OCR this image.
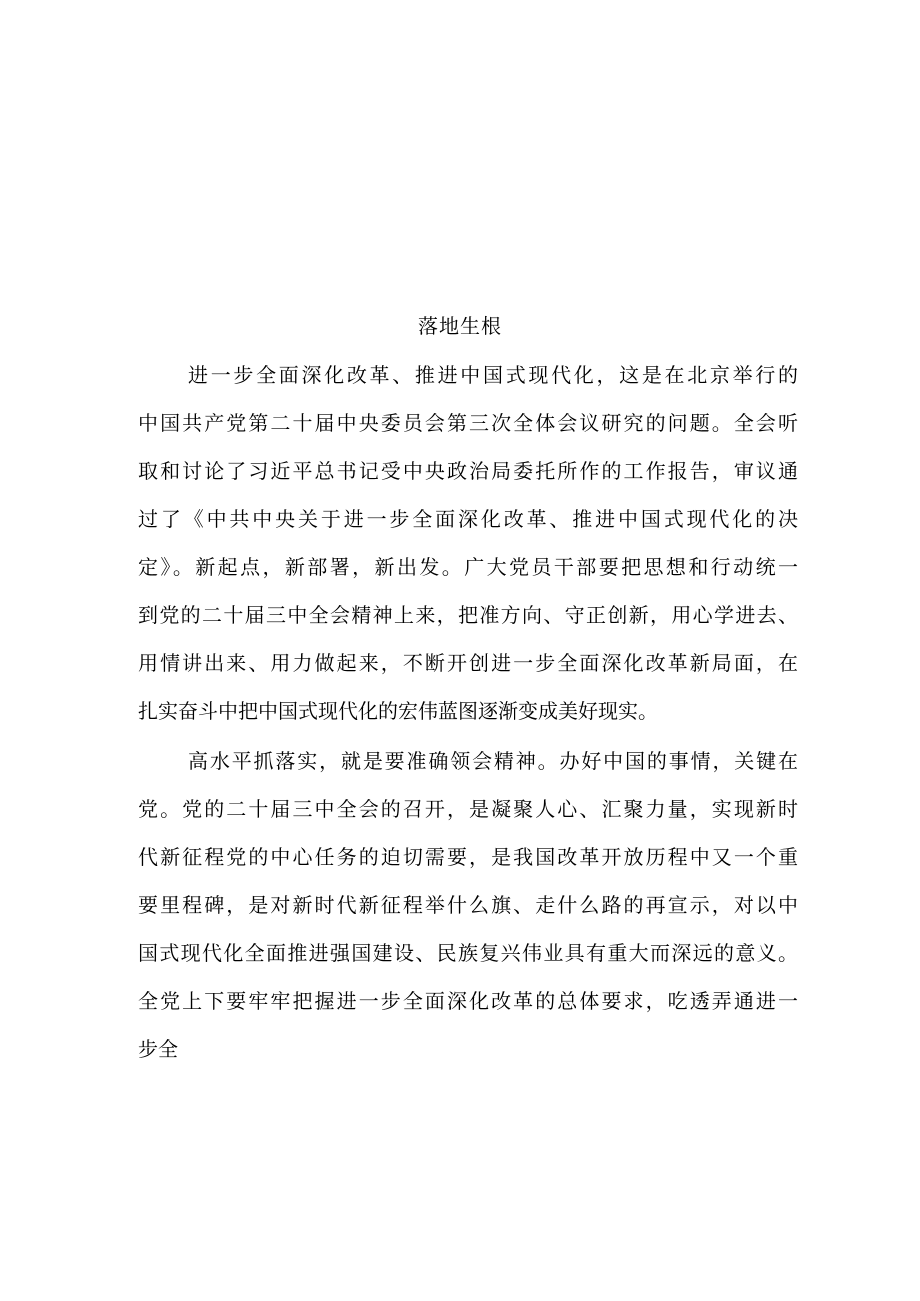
落地生根

进一步全面深化改革、推进中国式现代化，这是在北京举行的

中国共产党第二十届中央委员会第三次全体会议研究的问题。全会听

取和讨论了习近平总书记受中央政治局委托所作的工作报告，审议通

过了《中共中央关于进一步全面深化改革、推进中国式现代化的决

定》。新起点，新部署，新出发。广大党员干部要把思想和行动统一

到党的二十届三中全会精神上来，把准方向、守正创新，用心学进去、

用情讲出来、用力做起来，不断开创进一步全面深化改革新局面，在

扎实奋斗中把中国式现代化的宏伟蓝图逐渐变成美好现实。

高水平抓落实，就是要准确领会精神。办好中国的事情，关键在

党。党的二十届三中全会的召开，是凝聚人心、汇聚力量，实现新时

代新征程党的中心任务的迫切需要，是我国改革开放历程中又一个重

要里程碑，是对新时代新征程举什么旗、走什么路的再宣示，对以中

国式现代化全面推进强国建设、民族复兴伟业具有重大而深远的意义。

全党上下要牢牢把握进一步全面深化改革的总体要求，吃透弄通进一

步全
